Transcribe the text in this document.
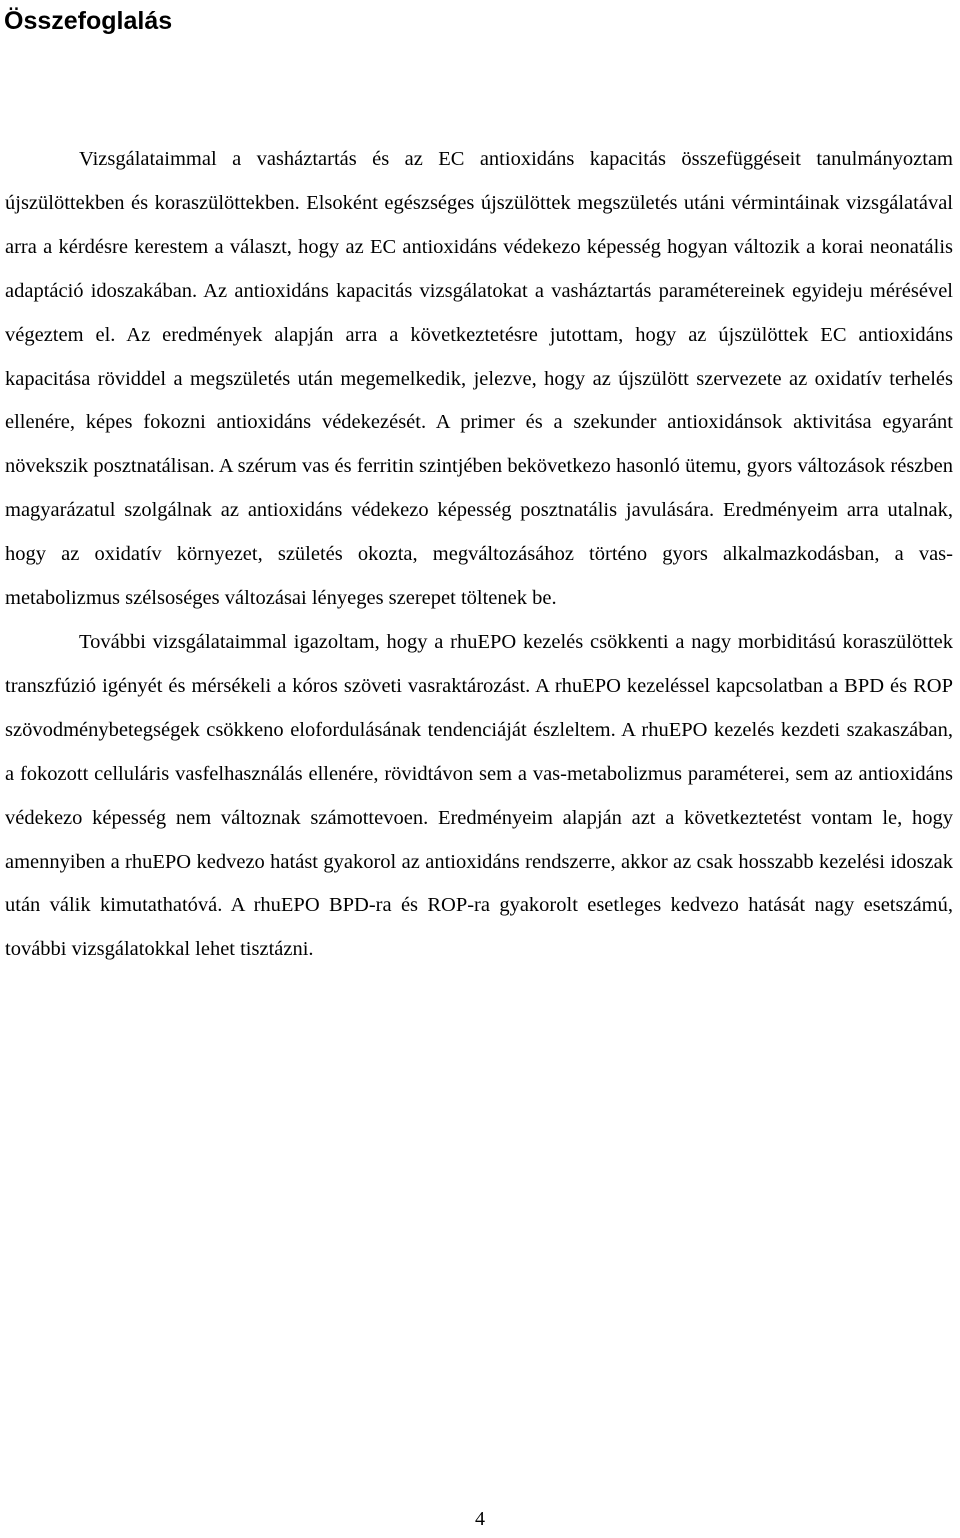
Összefoglalás

Vizsgálataimmal a vasháztartás és az EC antioxidáns kapacitás összefüggéseit tanulmányoztam újszülöttekben és koraszülöttekben. Elsoként egészséges újszülöttek megszületés utáni vérmintáinak vizsgálatával arra a kérdésre kerestem a választ, hogy az EC antioxidáns védekezo képesség hogyan változik a korai neonatális adaptáció idoszakában. Az antioxidáns kapacitás vizsgálatokat a vasháztartás paramétereinek egyideju mérésével végeztem el. Az eredmények alapján arra a következtetésre jutottam, hogy az újszülöttek EC antioxidáns kapacitása röviddel a megszületés után megemelkedik, jelezve, hogy az újszülött szervezete az oxidatív terhelés ellenére, képes fokozni antioxidáns védekezését. A primer és a szekunder antioxidánsok aktivitása egyaránt növekszik posztnatálisan. A szérum vas és ferritin szintjében bekövetkezo hasonló ütemu, gyors változások részben magyarázatul szolgálnak az antioxidáns védekezo képesség posztnatális javulására. Eredményeim arra utalnak, hogy az oxidatív környezet, születés okozta, megváltozásához történo gyors alkalmazkodásban, a vas-metabolizmus szélsoséges változásai lényeges szerepet töltenek be.

További vizsgálataimmal igazoltam, hogy a rhuEPO kezelés csökkenti a nagy morbiditású koraszülöttek transzfúzió igényét és mérsékeli a kóros szöveti vasraktározást. A rhuEPO kezeléssel kapcsolatban a BPD és ROP szövodménybetegségek csökkeno elofordulásának tendenciáját észleltem. A rhuEPO kezelés kezdeti szakaszában, a fokozott celluláris vasfelhasználás ellenére, rövidtávon sem a vas-metabolizmus paraméterei, sem az antioxidáns védekezo képesség nem változnak számottevoen. Eredményeim alapján azt a következtetést vontam le, hogy amennyiben a rhuEPO kedvezo hatást gyakorol az antioxidáns rendszerre, akkor az csak hosszabb kezelési idoszak után válik kimutathatóvá. A rhuEPO BPD-ra és ROP-ra gyakorolt esetleges kedvezo hatását nagy esetszámú, további vizsgálatokkal lehet tisztázni.

4
